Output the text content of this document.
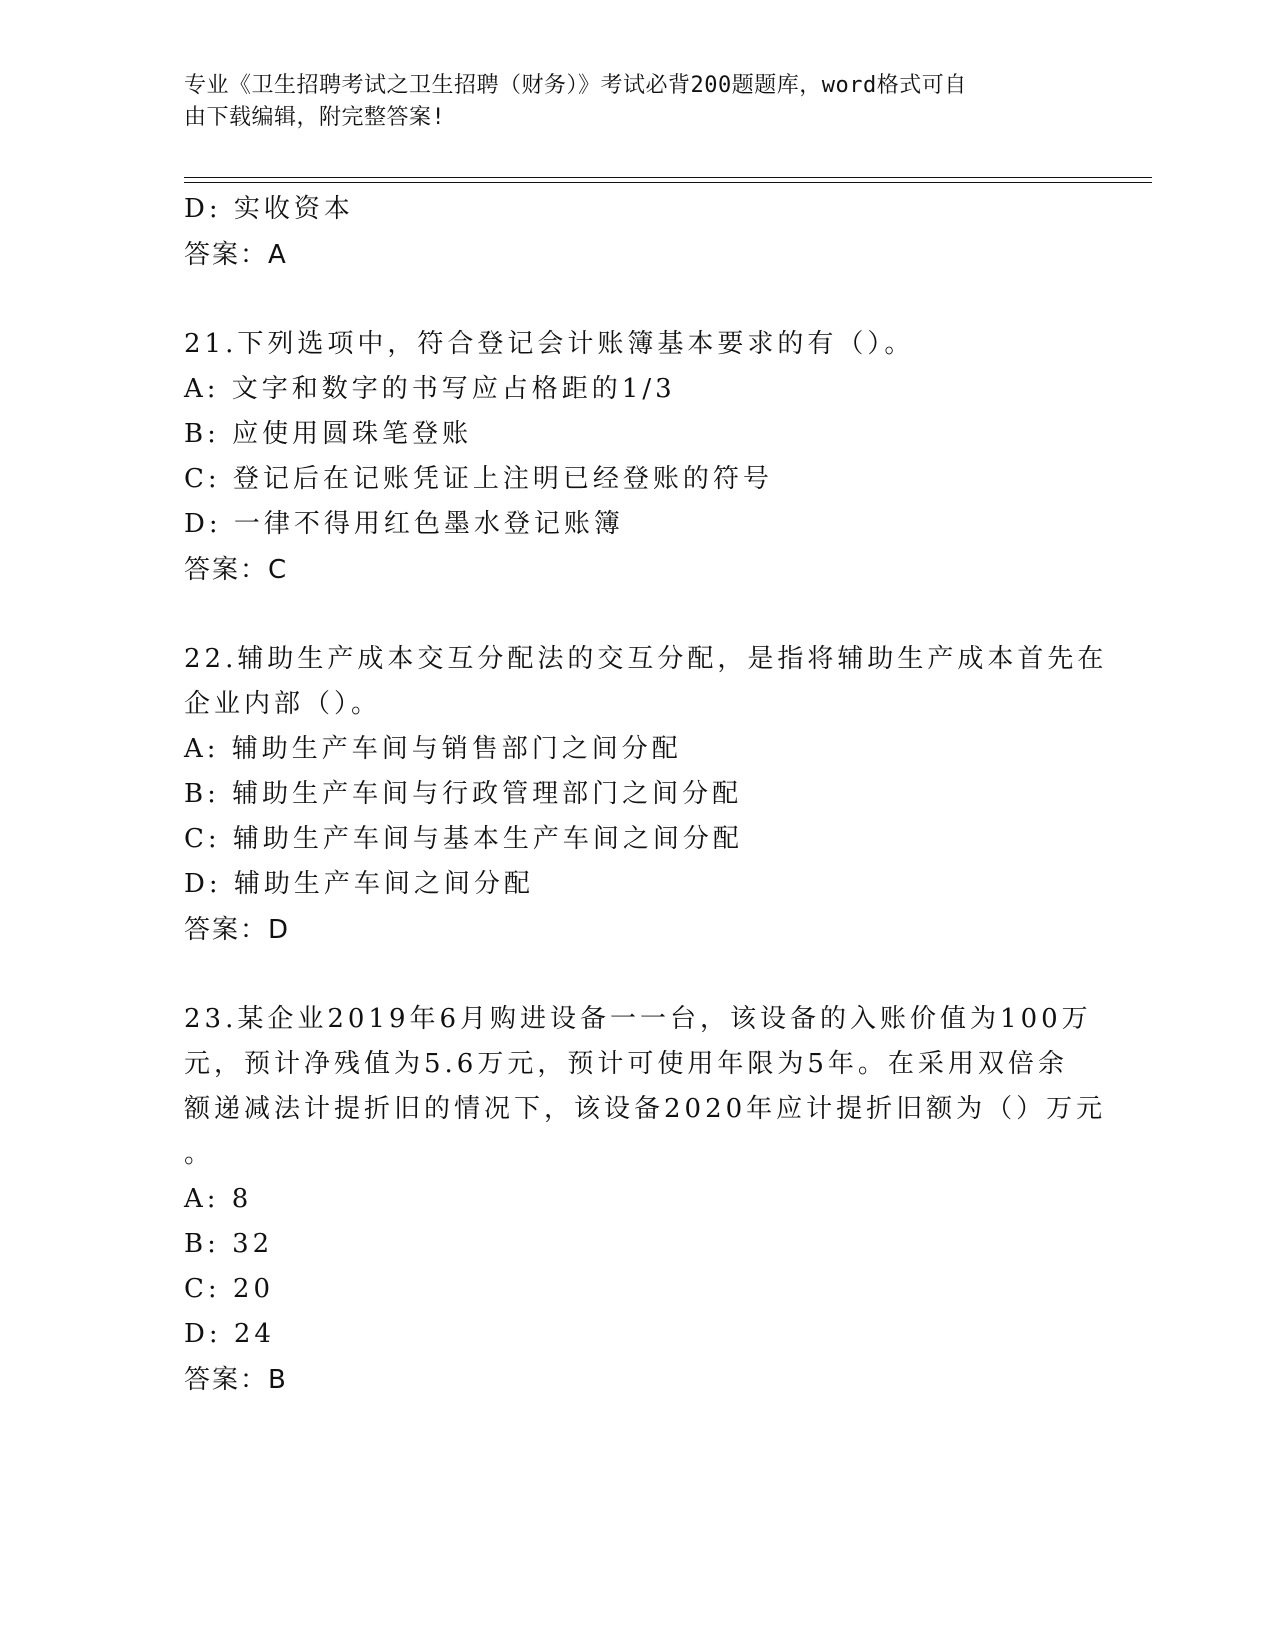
专业《卫生招聘考试之卫生招聘（财务）》考试必背200题题库，word格式可自
由下载编辑，附完整答案!
D: 实收资本
答案：A
21.下列选项中，符合登记会计账簿基本要求的有（）。
A: 文字和数字的书写应占格距的1/3
B: 应使用圆珠笔登账
C: 登记后在记账凭证上注明已经登账的符号
D: 一律不得用红色墨水登记账簿
答案：C
22.辅助生产成本交互分配法的交互分配，是指将辅助生产成本首先在
企业内部（）。
A: 辅助生产车间与销售部门之间分配
B: 辅助生产车间与行政管理部门之间分配
C: 辅助生产车间与基本生产车间之间分配
D: 辅助生产车间之间分配
答案：D
23.某企业2019年6月购进设备一一台，该设备的入账价值为100万
元，预计净残值为5.6万元，预计可使用年限为5年。在采用双倍余
额递减法计提折旧的情况下，该设备2020年应计提折旧额为（）万元
。
A: 8
B: 32
C: 20
D: 24
答案：B
